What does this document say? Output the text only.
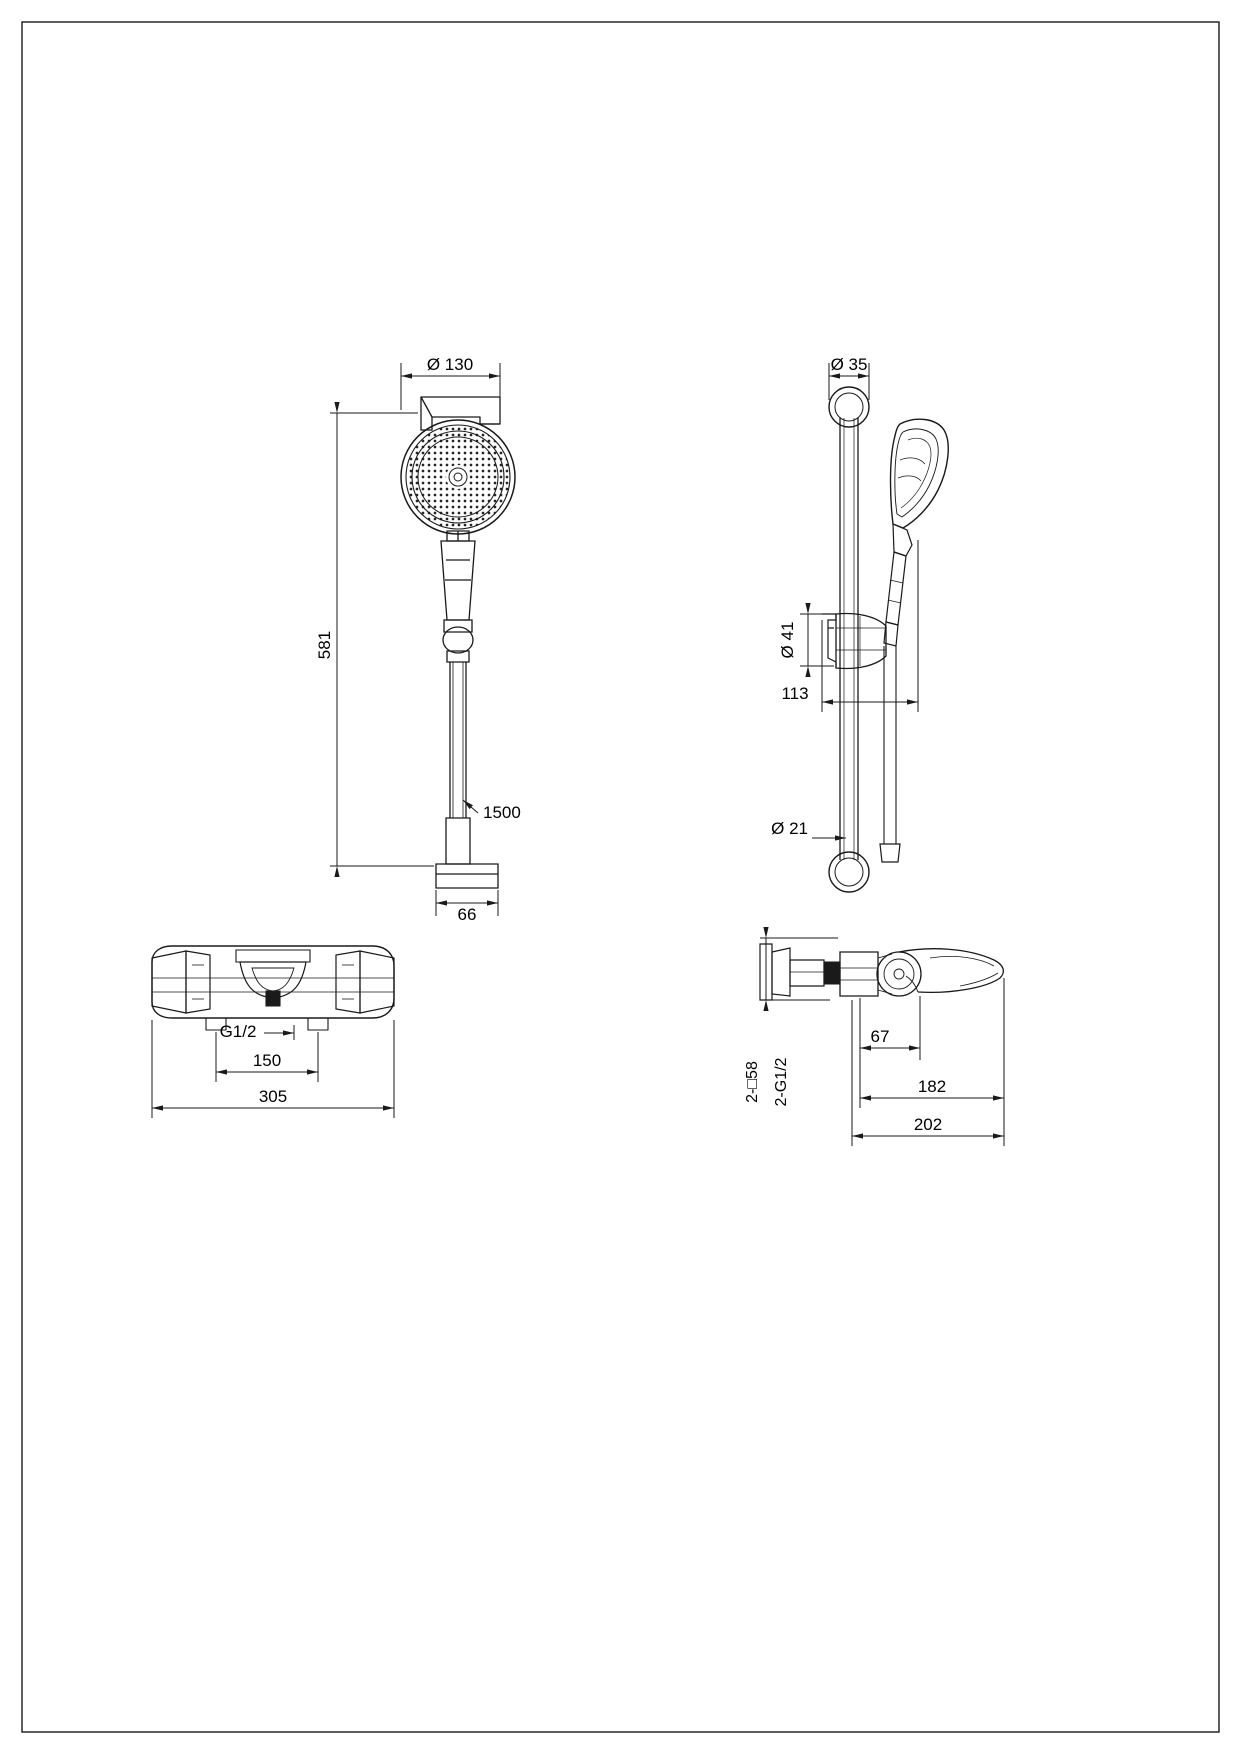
Ø 130
581
1500
66
Ø 35
Ø 41
113
Ø 21
G1/2
150
305	2-□58 2-G1/2
67
182
202
